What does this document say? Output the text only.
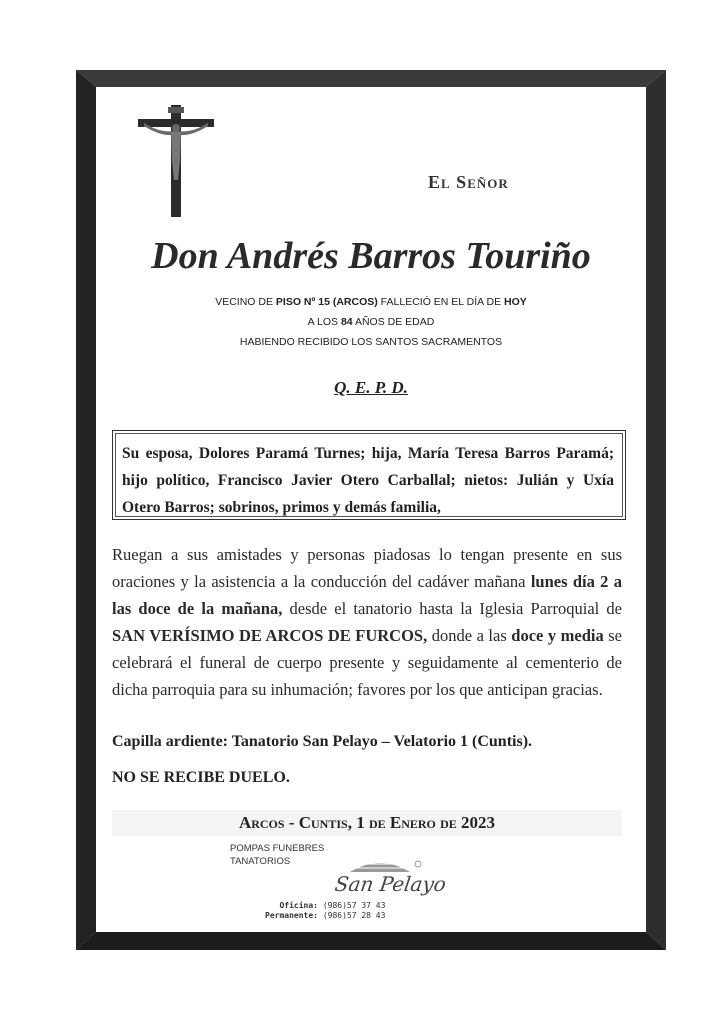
El Señor
Don Andrés Barros Touriño
VECINO DE PISO Nº 15 (ARCOS) FALLECIÓ EN EL DÍA DE HOY
A LOS 84 AÑOS DE EDAD
HABIENDO RECIBIDO LOS SANTOS SACRAMENTOS
Q. E. P. D.
Su esposa, Dolores Paramá Turnes; hija, María Teresa Barros Paramá; hijo político, Francisco Javier Otero Carballal; nietos: Julián y Uxía Otero Barros; sobrinos, primos y demás familia,
Ruegan a sus amistades y personas piadosas lo tengan presente en sus oraciones y la asistencia a la conducción del cadáver mañana lunes día 2 a las doce de la mañana, desde el tanatorio hasta la Iglesia Parroquial de SAN VERÍSIMO DE ARCOS DE FURCOS, donde a las doce y media se celebrará el funeral de cuerpo presente y seguidamente al cementerio de dicha parroquia para su inhumación; favores por los que anticipan gracias.
Capilla ardiente: Tanatorio San Pelayo – Velatorio 1 (Cuntis).
NO SE RECIBE DUELO.
Arcos - Cuntis, 1 de Enero de 2023
POMPAS FUNEBRES
TANATORIOS
San Pelayo
Oficina: (986)57 37 43
Permanente: (986)57 28 43
